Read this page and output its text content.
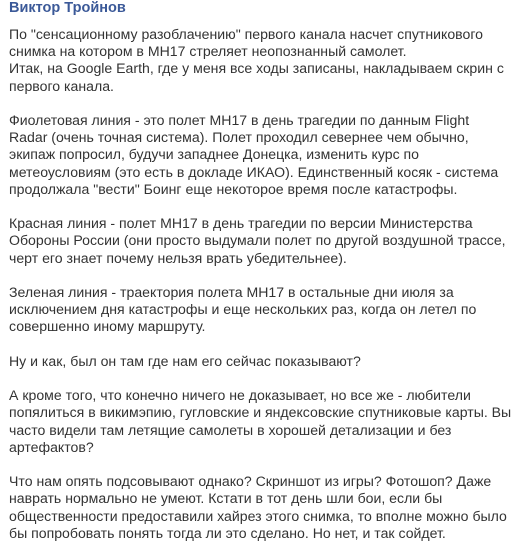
Виктор Тройнов

По "сенсационному разоблачению" первого канала насчет спутникового
снимка на котором в МН17 стреляет неопознанный самолет.
Итак, на Google Earth, где у меня все ходы записаны, накладываем скрин с
первого канала.

Фиолетовая линия - это полет МН17 в день трагедии по данным Flight
Radar (очень точная система). Полет проходил севернее чем обычно,
экипаж попросил, будучи западнее Донецка, изменить курс по
метеоусловиям (это есть в докладе ИКАО). Единственный косяк - система
продолжала "вести" Боинг еще некоторое время после катастрофы.

Красная линия - полет МН17 в день трагедии по версии Министерства
Обороны России (они просто выдумали полет по другой воздушной трассе,
черт его знает почему нельзя врать убедительнее).

Зеленая линия - траектория полета МН17 в остальные дни июля за
исключением дня катастрофы и еще нескольких раз, когда он летел по
совершенно иному маршруту.

Ну и как, был он там где нам его сейчас показывают?

А кроме того, что конечно ничего не доказывает, но все же - любители
попялиться в викимэпию, гугловские и яндексовские спутниковые карты. Вы
часто видели там летящие самолеты в хорошей детализации и без
артефактов?

Что нам опять подсовывают однако? Скриншот из игры? Фотошоп? Даже
наврать нормально не умеют. Кстати в тот день шли бои, если бы
общественности предоставили хайрез этого снимка, то вполне можно было
бы попробовать понять тогда ли это сделано. Но нет, и так сойдет.
